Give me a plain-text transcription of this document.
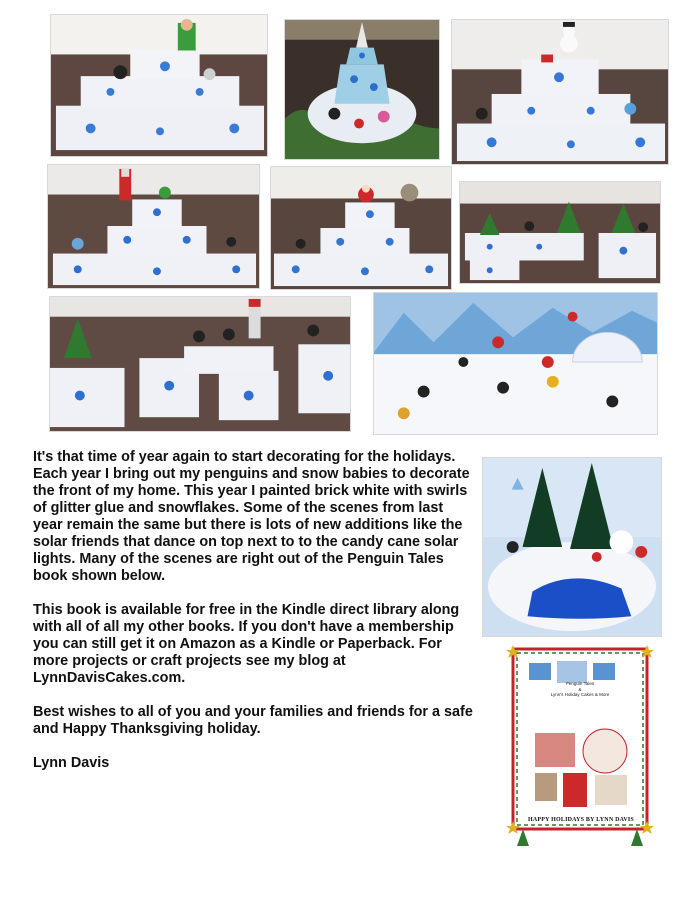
It's that time of year again to start decorating for the holidays. Each year I bring out my penguins and snow babies to decorate the front of my home. This year I painted brick white with swirls of glitter glue and snowflakes. Some of the scenes from last year remain the same but there is lots of new additions like the solar friends that dance on top next to to the candy cane solar lights. Many of the scenes are right out of the Penguin Tales book shown below.

This book is available for free in the Kindle direct library along with all of all my other books. If you don't have a membership you can still get it on Amazon as a Kindle or Paperback. For more projects or craft projects see my blog at LynnDavisCakes.com.

Best wishes to all of you and your families and friends for a safe and Happy Thanksgiving holiday.

Lynn Davis

Penguin Tales
&
Lynn's Holiday Cakes & More
HAPPY HOLIDAYS BY LYNN DAVIS
